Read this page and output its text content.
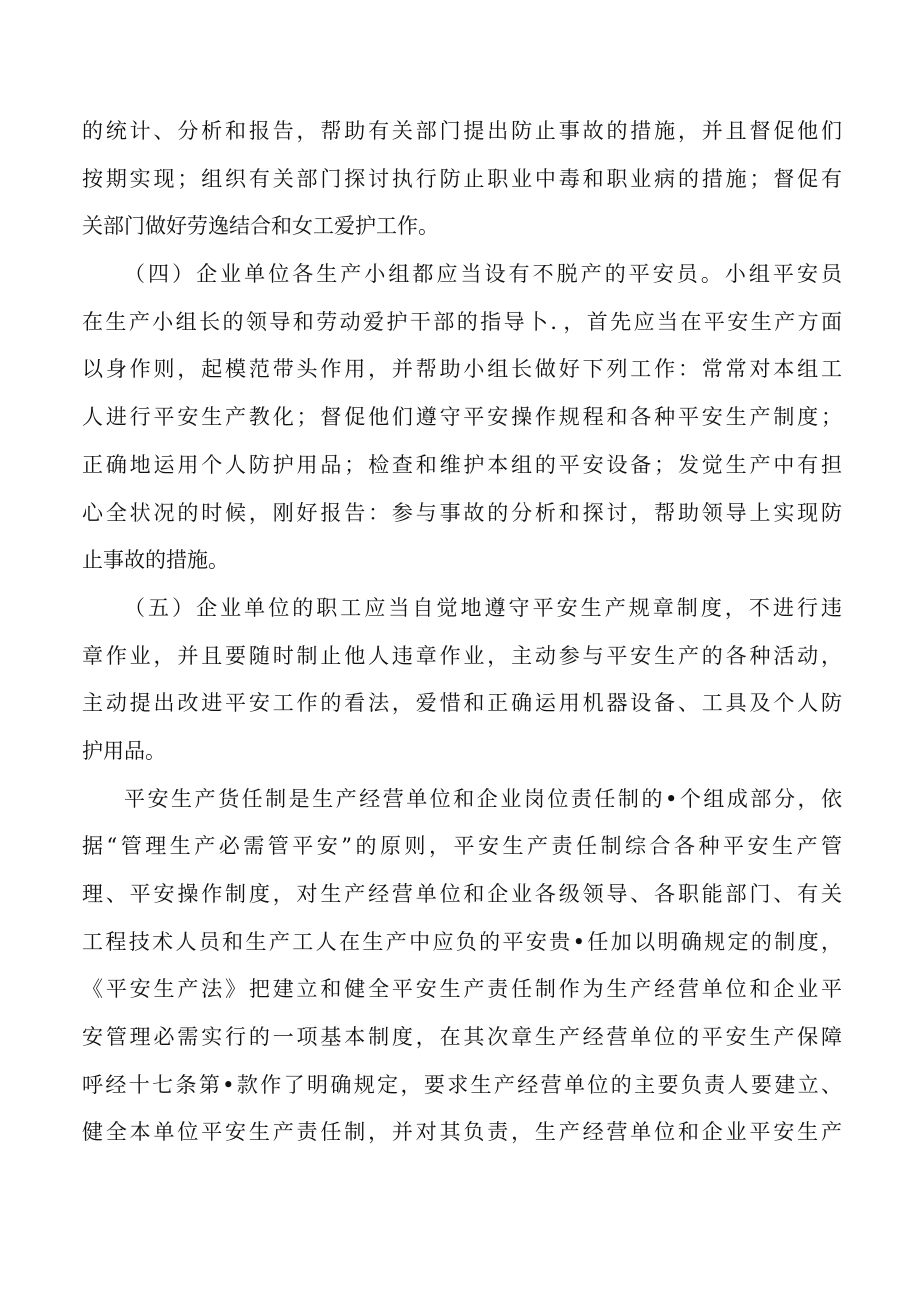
的统计、分析和报告，帮助有关部门提出防止事故的措施，并且督促他们
按期实现；组织有关部门探讨执行防止职业中毒和职业病的措施；督促有
关部门做好劳逸结合和女工爱护工作。
（四）企业单位各生产小组都应当设有不脱产的平安员。小组平安员
在生产小组长的领导和劳动爱护干部的指导卜．，首先应当在平安生产方面
以身作则，起模范带头作用，并帮助小组长做好下列工作：常常对本组工
人进行平安生产教化；督促他们遵守平安操作规程和各种平安生产制度；
正确地运用个人防护用品；检查和维护本组的平安设备；发觉生产中有担
心全状况的时候，刚好报告：参与事故的分析和探讨，帮助领导上实现防
止事故的措施。
（五）企业单位的职工应当自觉地遵守平安生产规章制度，不进行违
章作业，并且要随时制止他人违章作业，主动参与平安生产的各种活动，
主动提出改进平安工作的看法，爱惜和正确运用机器设备、工具及个人防
护用品。
平安生产货任制是生产经营单位和企业岗位责任制的•个组成部分，依
据“管理生产必需管平安”的原则，平安生产责任制综合各种平安生产管
理、平安操作制度，对生产经营单位和企业各级领导、各职能部门、有关
工程技术人员和生产工人在生产中应负的平安贵•任加以明确规定的制度，
《平安生产法》把建立和健全平安生产责任制作为生产经营单位和企业平
安管理必需实行的一项基本制度，在其次章生产经营单位的平安生产保障
呼经十七条第•款作了明确规定，要求生产经营单位的主要负责人要建立、
健全本单位平安生产责任制，并对其负责，生产经营单位和企业平安生产
